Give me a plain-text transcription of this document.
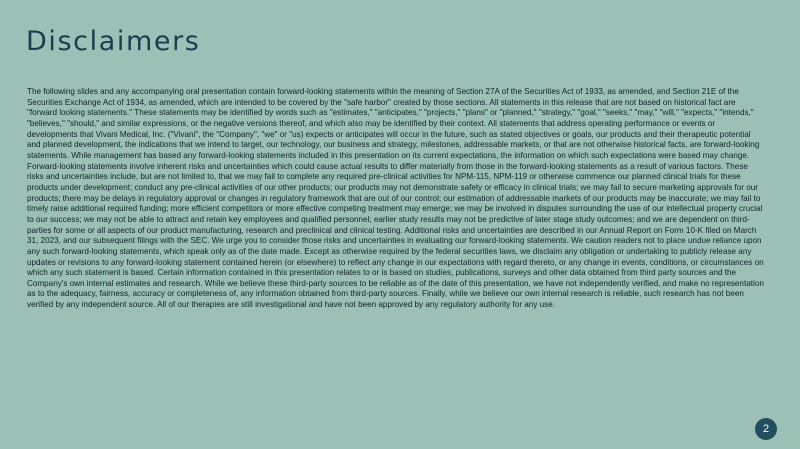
Disclaimers

The following slides and any accompanying oral presentation contain forward-looking statements within the meaning of Section 27A of the Securities Act of 1933, as amended, and Section 21E of the Securities Exchange Act of 1934, as amended, which are intended to be covered by the "safe harbor" created by those sections. All statements in this release that are not based on historical fact are "forward looking statements." These statements may be identified by words such as "estimates," "anticipates," "projects," "plans" or "planned," "strategy," "goal," "seeks," "may," "will," "expects," "intends," "believes," "should," and similar expressions, or the negative versions thereof, and which also may be identified by their context. All statements that address operating performance or events or developments that Vivani Medical, Inc. ("Vivani", the "Company", "we" or "us) expects or anticipates will occur in the future, such as stated objectives or goals, our products and their therapeutic potential and planned development, the indications that we intend to target, our technology, our business and strategy, milestones, addressable markets, or that are not otherwise historical facts, are forward-looking statements. While management has based any forward-looking statements included in this presentation on its current expectations, the information on which such expectations were based may change. Forward-looking statements involve inherent risks and uncertainties which could cause actual results to differ materially from those in the forward-looking statements as a result of various factors. These risks and uncertainties include, but are not limited to, that we may fail to complete any required pre-clinical activities for NPM-115, NPM-119 or otherwise commence our planned clinical trials for these products under development; conduct any pre-clinical activities of our other products; our products may not demonstrate safety or efficacy in clinical trials; we may fail to secure marketing approvals for our products; there may be delays in regulatory approval or changes in regulatory framework that are out of our control; our estimation of addressable markets of our products may be inaccurate; we may fail to timely raise additional required funding; more efficient competitors or more effective competing treatment may emerge; we may be involved in disputes surrounding the use of our intellectual property crucial to our success; we may not be able to attract and retain key employees and qualified personnel; earlier study results may not be predictive of later stage study outcomes; and we are dependent on third-parties for some or all aspects of our product manufacturing, research and preclinical and clinical testing. Additional risks and uncertainties are described in our Annual Report on Form 10-K filed on March 31, 2023, and our subsequent filings with the SEC. We urge you to consider those risks and uncertainties in evaluating our forward-looking statements. We caution readers not to place undue reliance upon any such forward-looking statements, which speak only as of the date made. Except as otherwise required by the federal securities laws, we disclaim any obligation or undertaking to publicly release any updates or revisions to any forward-looking statement contained herein (or elsewhere) to reflect any change in our expectations with regard thereto, or any change in events, conditions, or circumstances on which any such statement is based. Certain information contained in this presentation relates to or is based on studies, publications, surveys and other data obtained from third party sources and the Company's own internal estimates and research. While we believe these third-party sources to be reliable as of the date of this presentation, we have not independently verified, and make no representation as to the adequacy, fairness, accuracy or completeness of, any information obtained from third-party sources. Finally, while we believe our own internal research is reliable, such research has not been verified by any independent source. All of our therapies are still investigational and have not been approved by any regulatory authority for any use.

2
